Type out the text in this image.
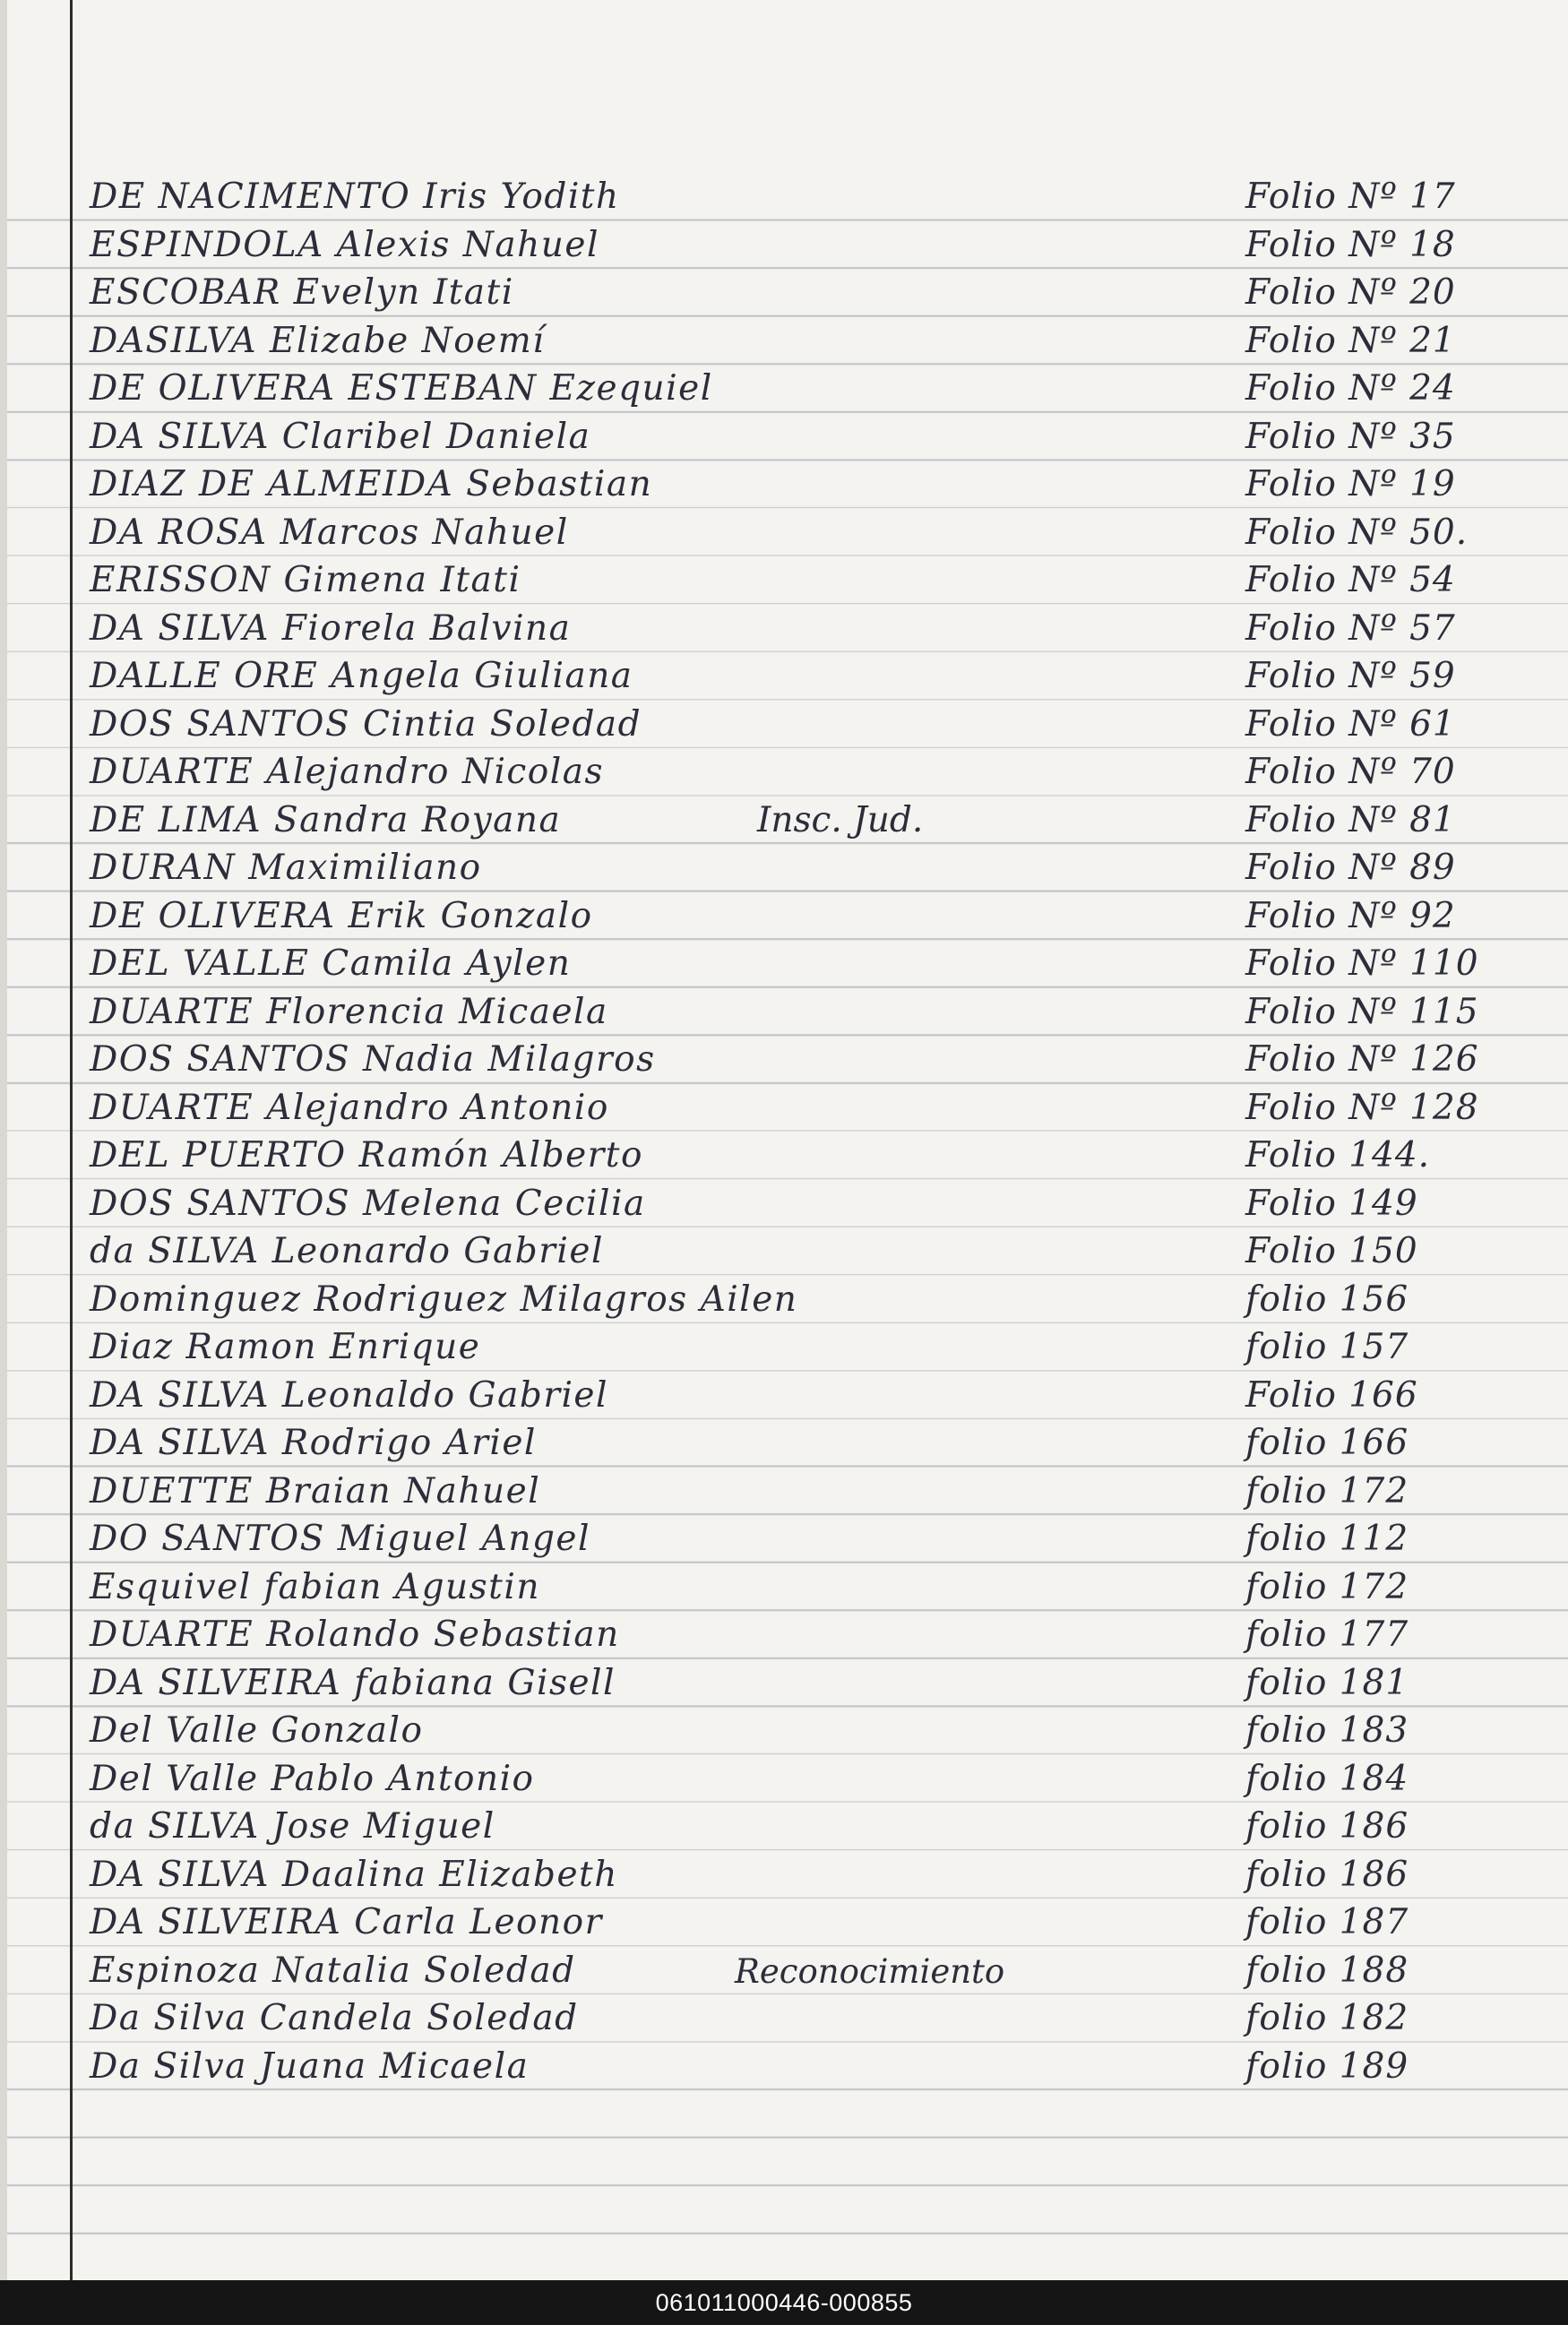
DE NACIMENTO Iris Yodith	Folio Nº 17
ESPINDOLA Alexis Nahuel	Folio Nº 18
ESCOBAR Evelyn Itati	Folio Nº 20
DASILVA Elizabe Noemí	Folio Nº 21
DE OLIVERA ESTEBAN Ezequiel	Folio Nº 24
DA SILVA Claribel Daniela	Folio Nº 35
DIAZ DE ALMEIDA Sebastian	Folio Nº 19
DA ROSA Marcos Nahuel	Folio Nº 50.
ERISSON Gimena Itati	Folio Nº 54
DA SILVA Fiorela Balvina	Folio Nº 57
DALLE ORE Angela Giuliana	Folio Nº 59
DOS SANTOS Cintia Soledad	Folio Nº 61
DUARTE Alejandro Nicolas	Folio Nº 70
DE LIMA Sandra Royana	Insc. Jud.	Folio Nº 81
DURAN Maximiliano	Folio Nº 89
DE OLIVERA Erik Gonzalo	Folio Nº 92
DEL VALLE Camila Aylen	Folio Nº 110
DUARTE Florencia Micaela	Folio Nº 115
DOS SANTOS Nadia Milagros	Folio Nº 126
DUARTE Alejandro Antonio	Folio Nº 128
DEL PUERTO Ramón Alberto	Folio 144.
DOS SANTOS Melena Cecilia	Folio 149
da SILVA Leonardo Gabriel	Folio 150
Dominguez Rodriguez Milagros Ailen	folio 156
Diaz Ramon Enrique	folio 157
DA SILVA Leonaldo Gabriel	Folio 166
DA SILVA Rodrigo Ariel	folio 166
DUETTE Braian Nahuel	folio 172
DO SANTOS Miguel Angel	folio 112
Esquivel fabian Agustin	folio 172
DUARTE Rolando Sebastian	folio 177
DA SILVEIRA fabiana Gisell	folio 181
Del Valle Gonzalo	folio 183
Del Valle Pablo Antonio	folio 184
da SILVA Jose Miguel	folio 186
DA SILVA Daalina Elizabeth	folio 186
DA SILVEIRA Carla Leonor	folio 187
Espinoza Natalia Soledad	Reconocimiento	folio 188
Da Silva Candela Soledad	folio 182
Da Silva Juana Micaela	folio 189
061011000446-000855
